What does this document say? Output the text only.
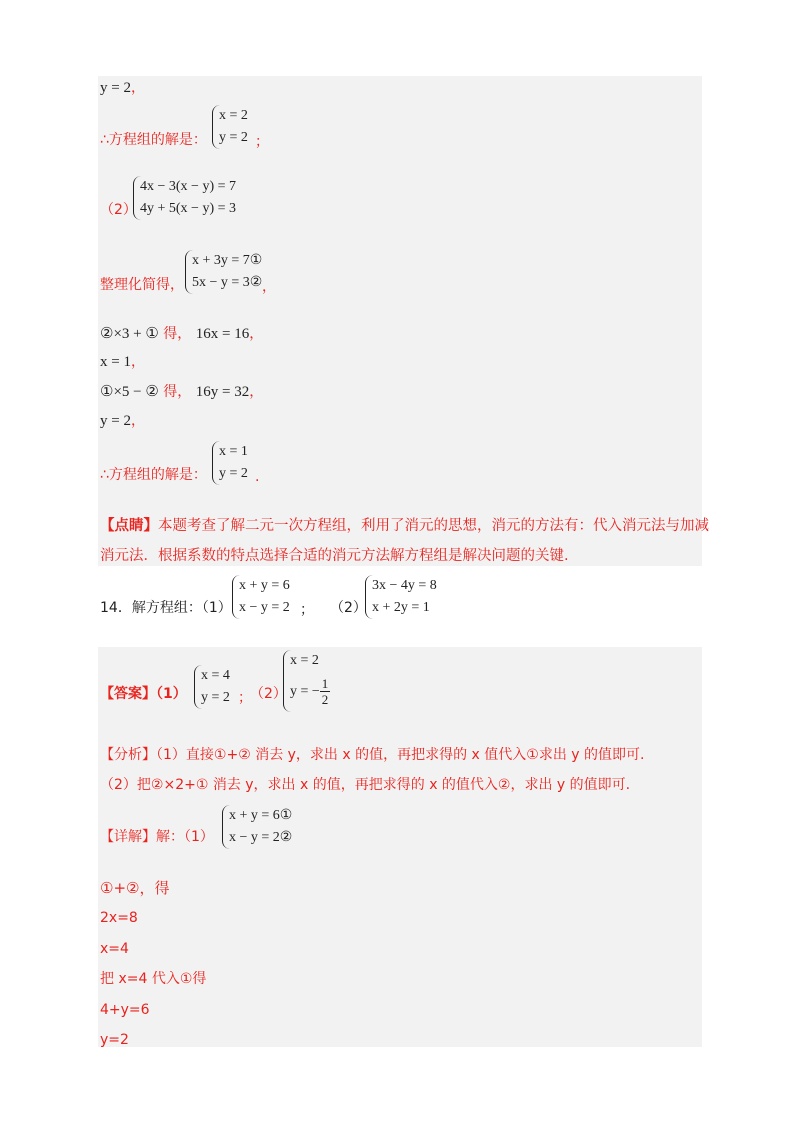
y = 2，
∴方程组的解是：
x = 2
y = 2 ；
（2）
4x − 3(x − y) = 7
4y + 5(x − y) = 3
整理化简得，
x + 3y = 7①
5x − y = 3② ，
②×3 + ① 得， 16x = 16，
x = 1，
①×5 − ② 得， 16y = 32，
y = 2，
∴方程组的解是：
x = 1
y = 2 .
【点睛】本题考查了解二元一次方程组，利用了消元的思想，消元的方法有：代入消元法与加减
消元法．根据系数的特点选择合适的消元方法解方程组是解决问题的关键.
14．解方程组：（1）
x + y = 6
x − y = 2 ； （2）
3x − 4y = 8
x + 2y = 1
【答案】（1）
x = 4
y = 2 ；
（2）
x = 2
y = − $\frac{1}{2}$
【分析】（1）直接①+② 消去 y，求出 x 的值，再把求得的 x 值代入①求出 y 的值即可.
（2）把②×2+① 消去 y，求出 x 的值，再把求得的 x 的值代入②，求出 y 的值即可.
【详解】解：（1）
x + y = 6①
x − y = 2②
①+②，得
2x=8
x=4
把 x=4 代入①得
4+y=6
y=2
